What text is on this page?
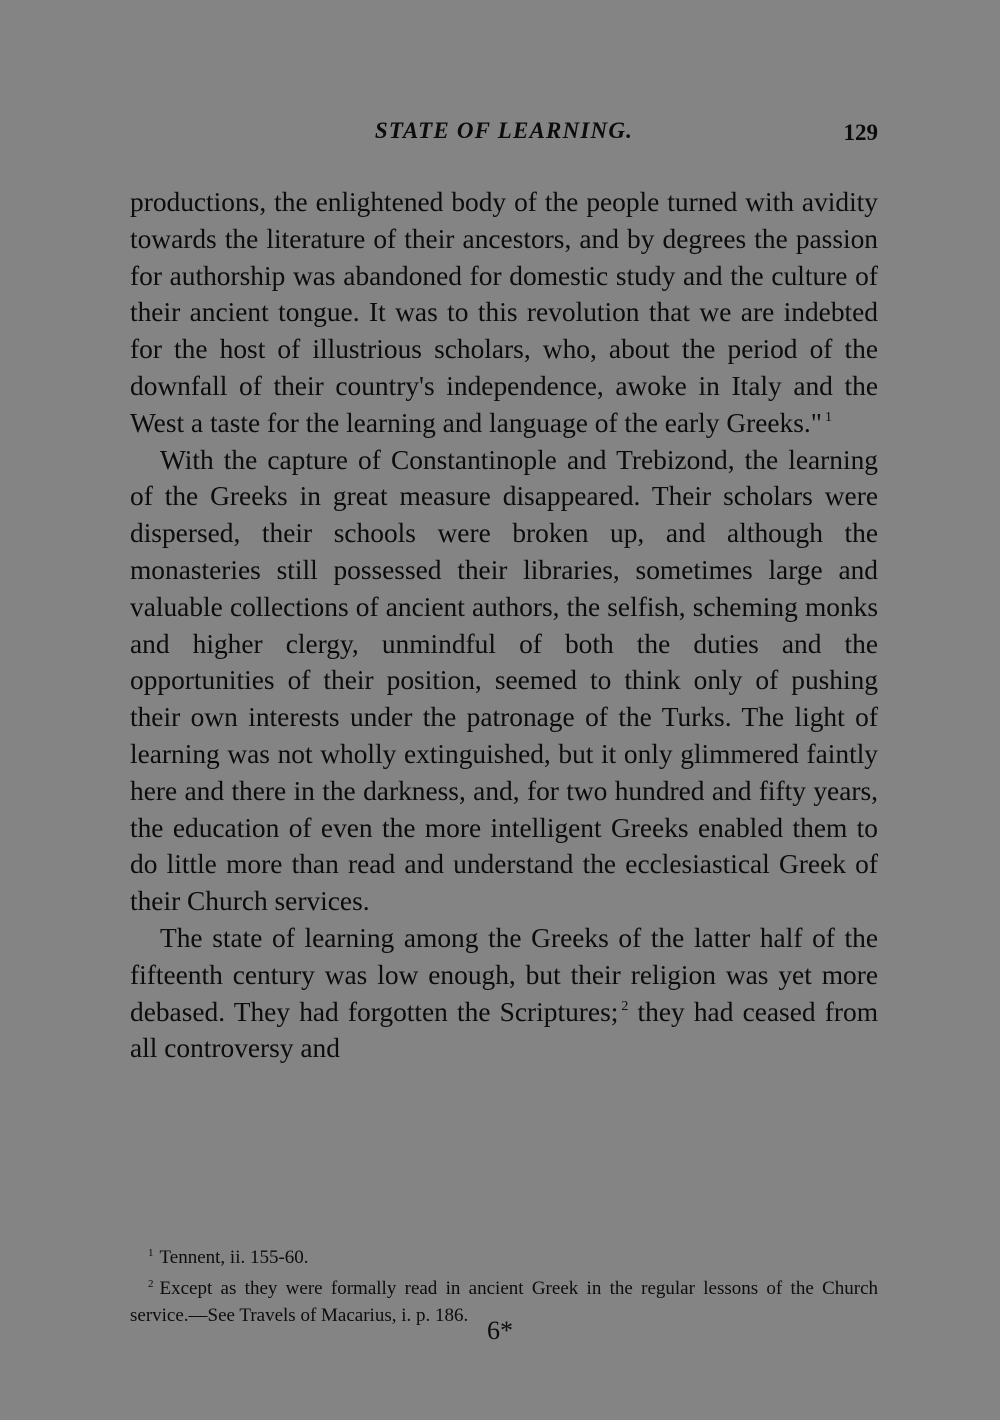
STATE OF LEARNING.	129

productions, the enlightened body of the people turned with avidity towards the literature of their ancestors, and by degrees the passion for authorship was abandoned for domestic study and the culture of their ancient tongue. It was to this revolution that we are indebted for the host of illustrious scholars, who, about the period of the downfall of their country's independence, awoke in Italy and the West a taste for the learning and language of the early Greeks." $^1$

With the capture of Constantinople and Trebizond, the learning of the Greeks in great measure disappeared. Their scholars were dispersed, their schools were broken up, and although the monasteries still possessed their libraries, sometimes large and valuable collections of ancient authors, the selfish, scheming monks and higher clergy, unmindful of both the duties and the opportunities of their position, seemed to think only of pushing their own interests under the patronage of the Turks. The light of learning was not wholly extinguished, but it only glimmered faintly here and there in the darkness, and, for two hundred and fifty years, the education of even the more intelligent Greeks enabled them to do little more than read and understand the ecclesiastical Greek of their Church services.

The state of learning among the Greeks of the latter half of the fifteenth century was low enough, but their religion was yet more debased. They had forgotten the Scriptures; $^2$ they had ceased from all controversy and

$^1$ Tennent, ii. 155-60.

$^2$ Except as they were formally read in ancient Greek in the regular lessons of the Church service.—See Travels of Macarius, i. p. 186.

6*
